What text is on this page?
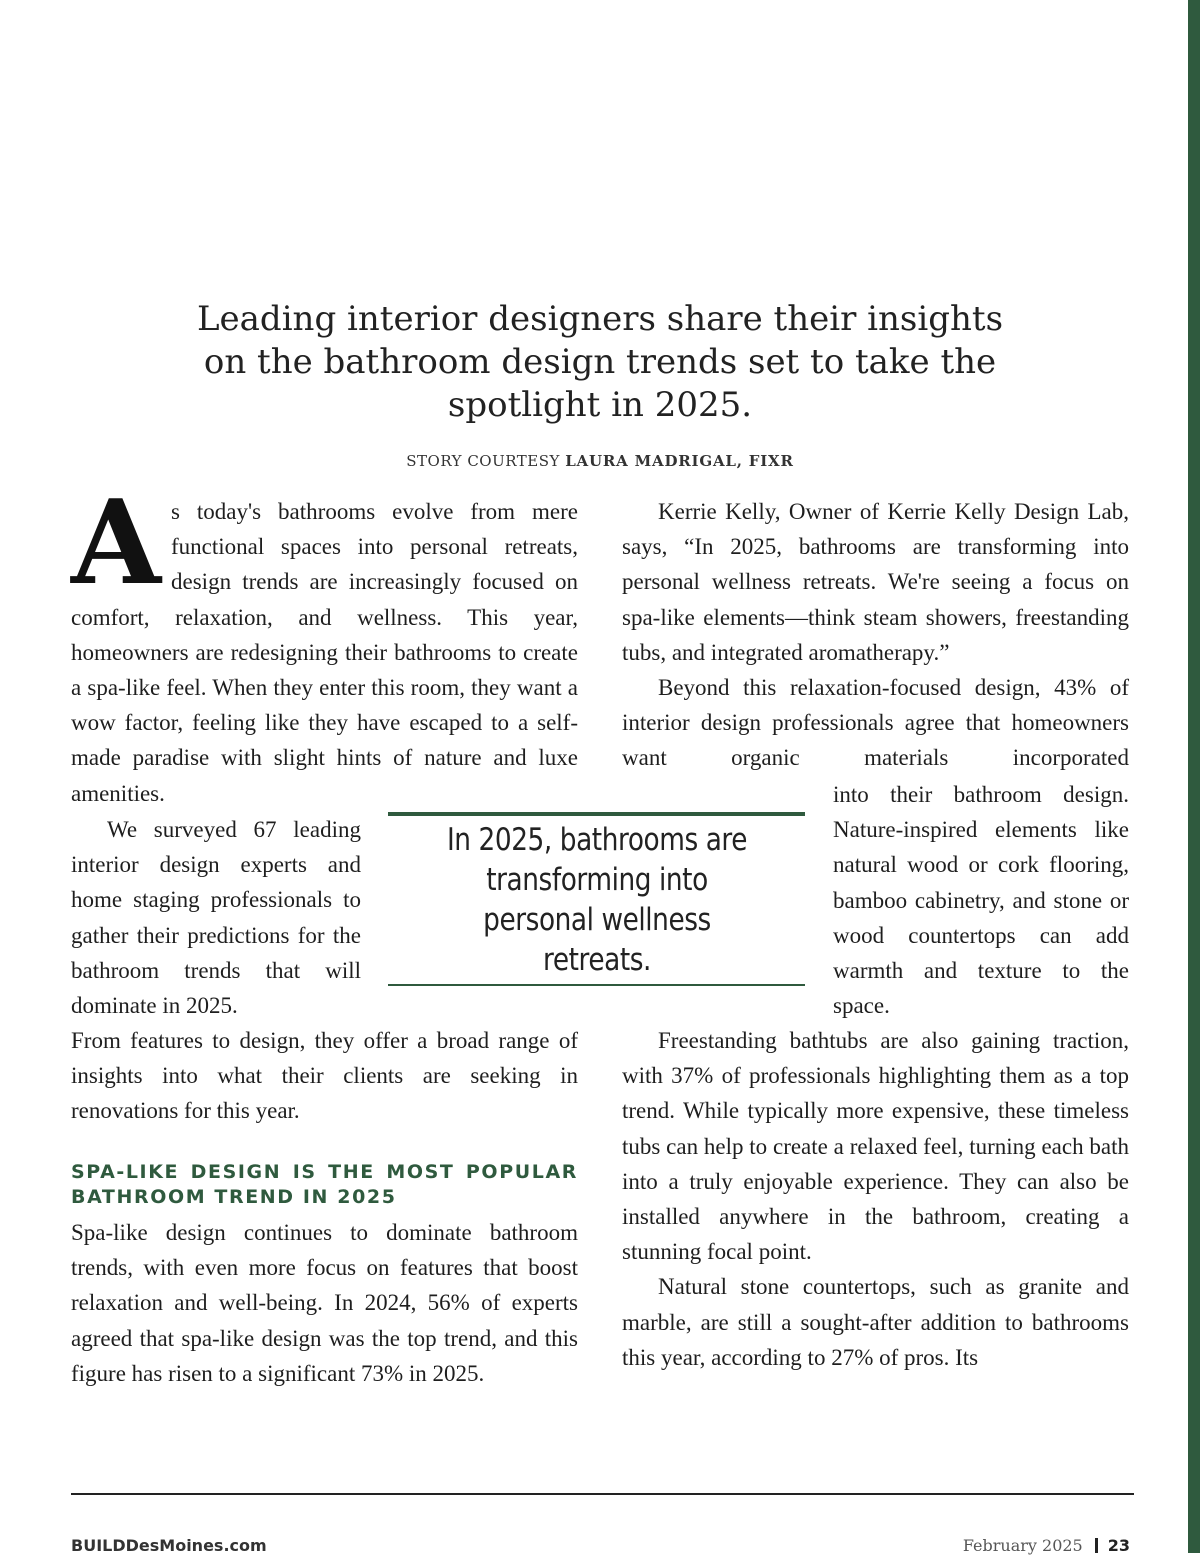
Leading interior designers share their insights
on the bathroom design trends set to take the
spotlight in 2025.
STORY COURTESY LAURA MADRIGAL, FIXR
A s today's bathrooms evolve from mere functional spaces into personal retreats, design trends are increasingly focused on comfort, relaxation, and wellness. This year, homeowners are redesigning their bathrooms to create a spa-like feel. When they enter this room, they want a wow factor, feeling like they have escaped to a self-made paradise with slight hints of nature and luxe amenities.

We surveyed 67 leading interior design experts and home staging professionals to gather their predictions for the bathroom trends that will dominate in 2025.

From features to design, they offer a broad range of insights into what their clients are seeking in renovations for this year.

SPA-LIKE DESIGN IS THE MOST POPULAR BATHROOM TREND IN 2025

Spa-like design continues to dominate bathroom trends, with even more focus on features that boost relaxation and well-being. In 2024, 56% of experts agreed that spa-like design was the top trend, and this figure has risen to a significant 73% in 2025.

In 2025, bathrooms are transforming into personal wellness retreats.

Kerrie Kelly, Owner of Kerrie Kelly Design Lab, says, “In 2025, bathrooms are transforming into personal wellness retreats. We're seeing a focus on spa-like elements—think steam showers, freestanding tubs, and integrated aromatherapy.”

Beyond this relaxation-focused design, 43% of interior design professionals agree that homeowners want organic materials incorporated

into their bathroom design. Nature-inspired elements like natural wood or cork flooring, bamboo cabinetry, and stone or wood countertops can add warmth and texture to the space.

Freestanding bathtubs are also gaining traction, with 37% of professionals highlighting them as a top trend. While typically more expensive, these timeless tubs can help to create a relaxed feel, turning each bath into a truly enjoyable experience. They can also be installed anywhere in the bathroom, creating a stunning focal point.

Natural stone countertops, such as granite and marble, are still a sought-after addition to bathrooms this year, according to 27% of pros. Its

BUILDDesMoines.com	February 2025 23
